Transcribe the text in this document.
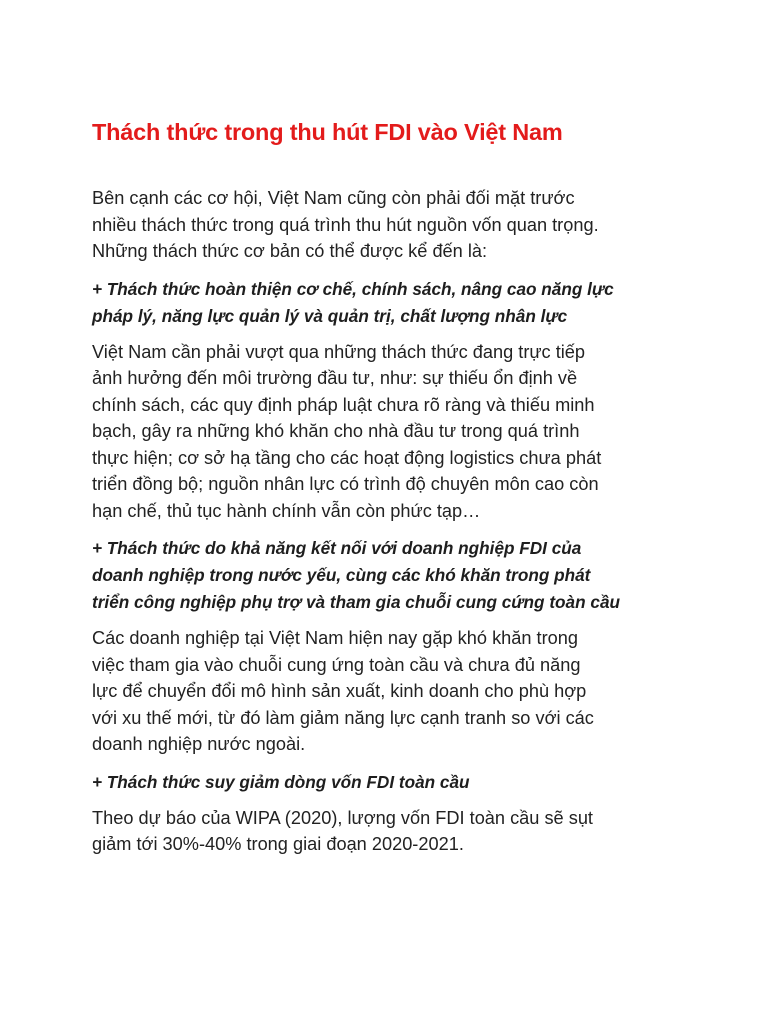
Thách thức trong thu hút FDI vào Việt Nam

Bên cạnh các cơ hội, Việt Nam cũng còn phải đối mặt trước
nhiều thách thức trong quá trình thu hút nguồn vốn quan trọng.
Những thách thức cơ bản có thể được kể đến là:

+ Thách thức hoàn thiện cơ chế, chính sách, nâng cao năng lực
pháp lý, năng lực quản lý và quản trị, chất lượng nhân lực

Việt Nam cần phải vượt qua những thách thức đang trực tiếp
ảnh hưởng đến môi trường đầu tư, như: sự thiếu ổn định về
chính sách, các quy định pháp luật chưa rõ ràng và thiếu minh
bạch, gây ra những khó khăn cho nhà đầu tư trong quá trình
thực hiện; cơ sở hạ tầng cho các hoạt động logistics chưa phát
triển đồng bộ; nguồn nhân lực có trình độ chuyên môn cao còn
hạn chế, thủ tục hành chính vẫn còn phức tạp…

+ Thách thức do khả năng kết nối với doanh nghiệp FDI của
doanh nghiệp trong nước yếu, cùng các khó khăn trong phát
triển công nghiệp phụ trợ và tham gia chuỗi cung cứng toàn cầu

Các doanh nghiệp tại Việt Nam hiện nay gặp khó khăn trong
việc tham gia vào chuỗi cung ứng toàn cầu và chưa đủ năng
lực để chuyển đổi mô hình sản xuất, kinh doanh cho phù hợp
với xu thế mới, từ đó làm giảm năng lực cạnh tranh so với các
doanh nghiệp nước ngoài.

+ Thách thức suy giảm dòng vốn FDI toàn cầu

Theo dự báo của WIPA (2020), lượng vốn FDI toàn cầu sẽ sụt
giảm tới 30%-40% trong giai đoạn 2020-2021.
